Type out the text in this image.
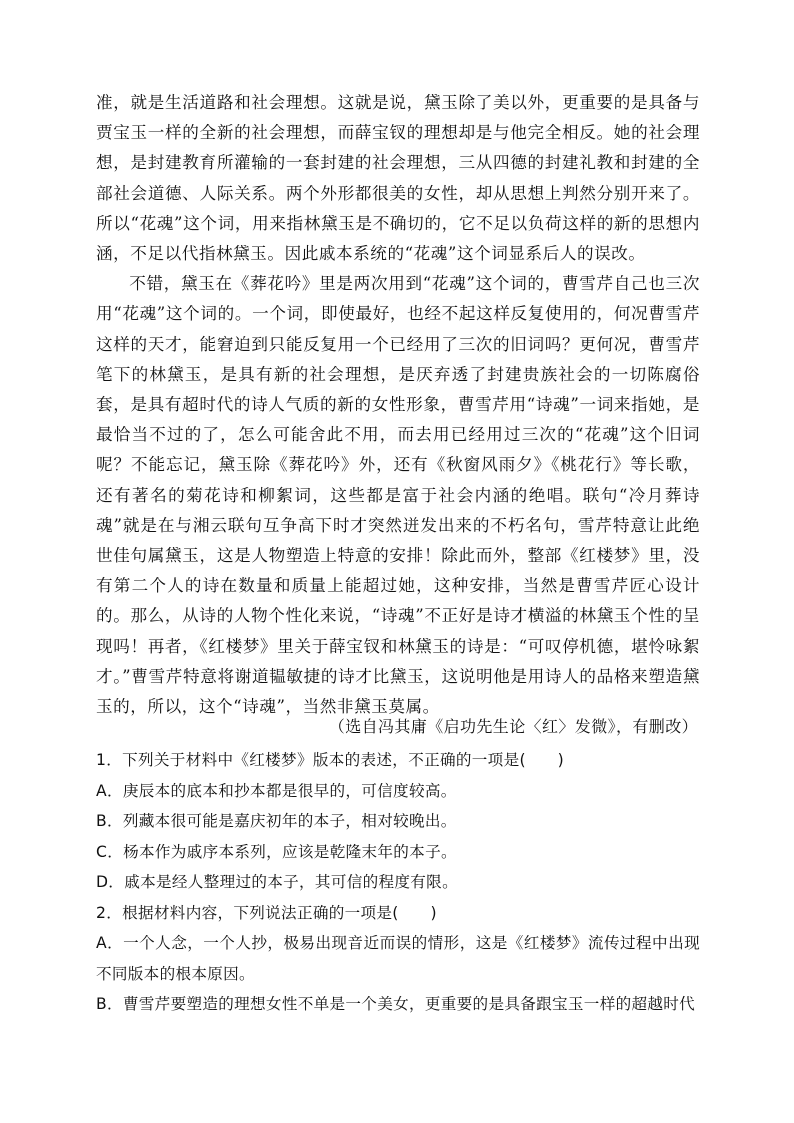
准，就是生活道路和社会理想。这就是说，黛玉除了美以外，更重要的是具备与贾宝玉一样的全新的社会理想，而薛宝钗的理想却是与他完全相反。她的社会理想，是封建教育所灌输的一套封建的社会理想，三从四德的封建礼教和封建的全部社会道德、人际关系。两个外形都很美的女性，却从思想上判然分别开来了。所以“花魂”这个词，用来指林黛玉是不确切的，它不足以负荷这样的新的思想内涵，不足以代指林黛玉。因此戚本系统的“花魂”这个词显系后人的误改。

不错，黛玉在《葬花吟》里是两次用到“花魂”这个词的，曹雪芹自己也三次用“花魂”这个词的。一个词，即使最好，也经不起这样反复使用的，何况曹雪芹这样的天才，能窘迫到只能反复用一个已经用了三次的旧词吗？更何况，曹雪芹笔下的林黛玉，是具有新的社会理想，是厌弃透了封建贵族社会的一切陈腐俗套，是具有超时代的诗人气质的新的女性形象，曹雪芹用“诗魂”一词来指她，是最恰当不过的了，怎么可能舍此不用，而去用已经用过三次的“花魂”这个旧词呢？不能忘记，黛玉除《葬花吟》外，还有《秋窗风雨夕》《桃花行》等长歌，还有著名的菊花诗和柳絮词，这些都是富于社会内涵的绝唱。联句“冷月葬诗魂”就是在与湘云联句互争高下时才突然迸发出来的不朽名句，雪芹特意让此绝世佳句属黛玉，这是人物塑造上特意的安排！除此而外，整部《红楼梦》里，没有第二个人的诗在数量和质量上能超过她，这种安排，当然是曹雪芹匠心设计的。那么，从诗的人物个性化来说，“诗魂”不正好是诗才横溢的林黛玉个性的呈现吗！再者，《红楼梦》里关于薛宝钗和林黛玉的诗是：“可叹停机德，堪怜咏絮才。”曹雪芹特意将谢道韫敏捷的诗才比黛玉，这说明他是用诗人的品格来塑造黛玉的，所以，这个“诗魂”，当然非黛玉莫属。

（选自冯其庸《启功先生论〈红〉发微》，有删改）

1．下列关于材料中《红楼梦》版本的表述，不正确的一项是(　　)

A．庚辰本的底本和抄本都是很早的，可信度较高。

B．列藏本很可能是嘉庆初年的本子，相对较晚出。

C．杨本作为戚序本系列，应该是乾隆末年的本子。

D．戚本是经人整理过的本子，其可信的程度有限。

2．根据材料内容，下列说法正确的一项是(　　)

A．一个人念，一个人抄，极易出现音近而误的情形，这是《红楼梦》流传过程中出现不同版本的根本原因。

B．曹雪芹要塑造的理想女性不单是一个美女，更重要的是具备跟宝玉一样的超越时代
